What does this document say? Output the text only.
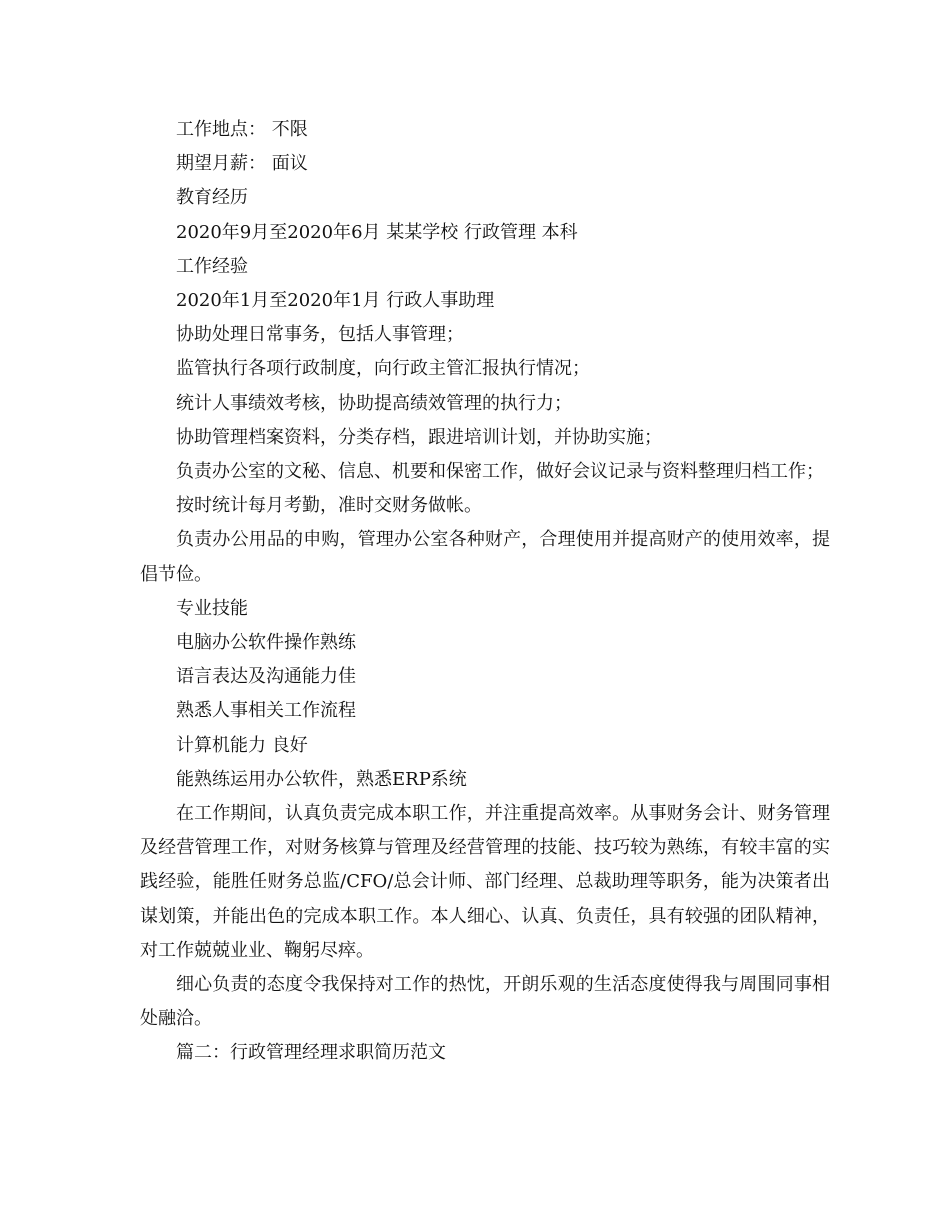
工作地点： 不限

期望月薪： 面议

教育经历

2020年9月至2020年6月 某某学校 行政管理 本科

工作经验

2020年1月至2020年1月 行政人事助理

协助处理日常事务，包括人事管理；

监管执行各项行政制度，向行政主管汇报执行情况；

统计人事绩效考核，协助提高绩效管理的执行力；

协助管理档案资料，分类存档，跟进培训计划，并协助实施；

负责办公室的文秘、信息、机要和保密工作，做好会议记录与资料整理归档工作；

按时统计每月考勤，准时交财务做帐。

负责办公用品的申购，管理办公室各种财产，合理使用并提高财产的使用效率，提倡节俭。

专业技能

电脑办公软件操作熟练

语言表达及沟通能力佳

熟悉人事相关工作流程

计算机能力 良好

能熟练运用办公软件，熟悉ERP系统

在工作期间，认真负责完成本职工作，并注重提高效率。从事财务会计、财务管理及经营管理工作，对财务核算与管理及经营管理的技能、技巧较为熟练，有较丰富的实践经验，能胜任财务总监/CFO/总会计师、部门经理、总裁助理等职务，能为决策者出谋划策，并能出色的完成本职工作。本人细心、认真、负责任，具有较强的团队精神，对工作兢兢业业、鞠躬尽瘁。

细心负责的态度令我保持对工作的热忱，开朗乐观的生活态度使得我与周围同事相处融洽。

篇二：行政管理经理求职简历范文
